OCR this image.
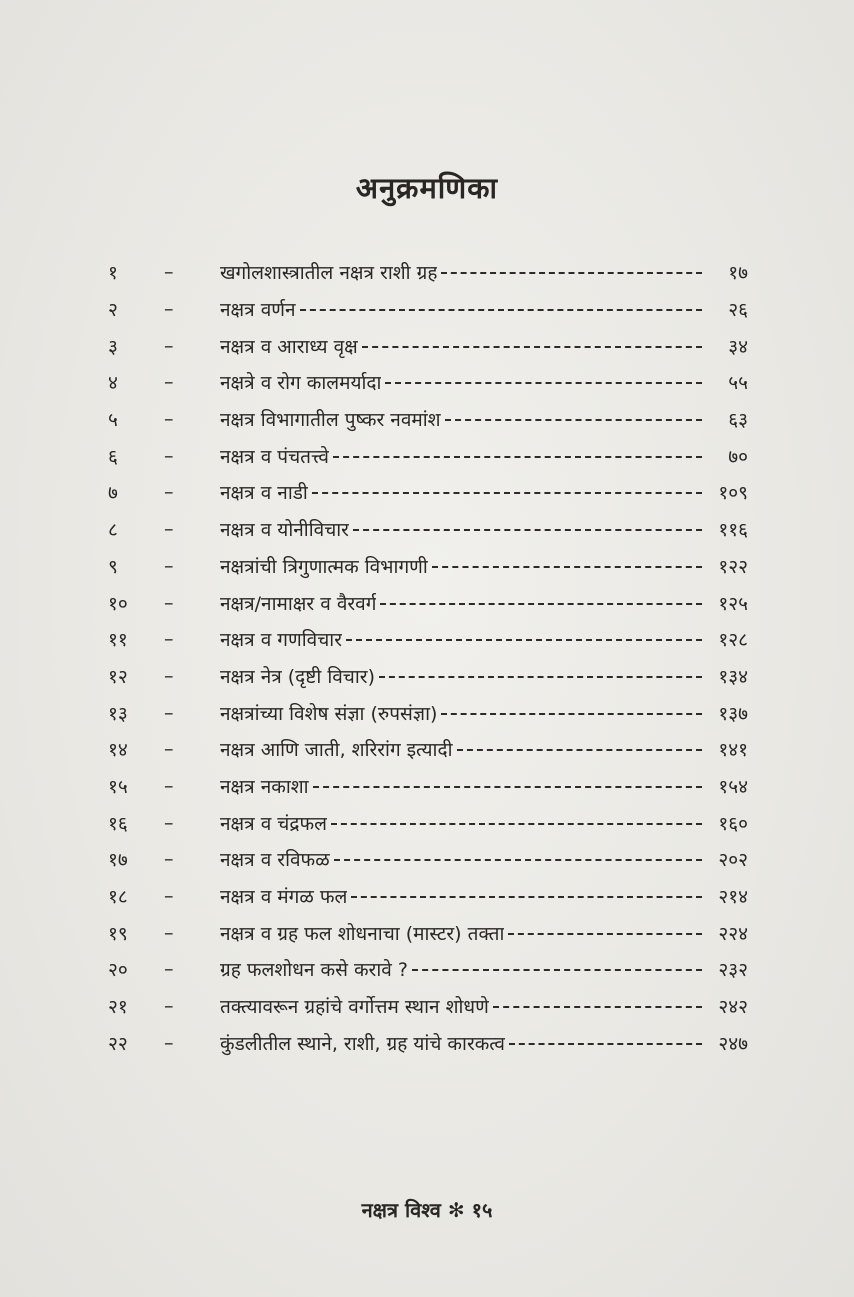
अनुक्रमणिका
१	–	खगोलशास्त्रातील नक्षत्र राशी ग्रह	१७
२	–	नक्षत्र वर्णन	२६
३	–	नक्षत्र व आराध्य वृक्ष	३४
४	–	नक्षत्रे व रोग कालमर्यादा	५५
५	–	नक्षत्र विभागातील पुष्कर नवमांश	६३
६	–	नक्षत्र व पंचतत्त्वे	७०
७	–	नक्षत्र व नाडी	१०९
८	–	नक्षत्र व योनीविचार	११६
९	–	नक्षत्रांची त्रिगुणात्मक विभागणी	१२२
१०	–	नक्षत्र/नामाक्षर व वैरवर्ग	१२५
११	–	नक्षत्र व गणविचार	१२८
१२	–	नक्षत्र नेत्र (दृष्टी विचार)	१३४
१३	–	नक्षत्रांच्या विशेष संज्ञा (रुपसंज्ञा)	१३७
१४	–	नक्षत्र आणि जाती, शरिरांग इत्यादी	१४१
१५	–	नक्षत्र नकाशा	१५४
१६	–	नक्षत्र व चंद्रफल	१६०
१७	–	नक्षत्र व रविफळ	२०२
१८	–	नक्षत्र व मंगळ फल	२१४
१९	–	नक्षत्र व ग्रह फल शोधनाचा (मास्टर) तक्ता	२२४
२०	–	ग्रह फलशोधन कसे करावे ?	२३२
२१	–	तक्त्यावरून ग्रहांचे वर्गोत्तम स्थान शोधणे	२४२
२२	–	कुंडलीतील स्थाने, राशी, ग्रह यांचे कारकत्व	२४७
नक्षत्र विश्व ✻ १५
